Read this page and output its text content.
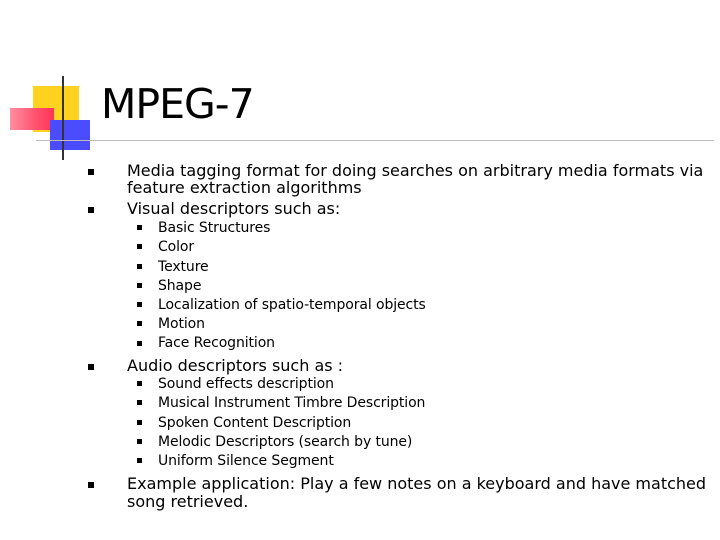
MPEG-7
Media tagging format for doing searches on arbitrary media formats via
feature extraction algorithms
Visual descriptors such as:
Basic Structures
Color
Texture
Shape
Localization of spatio-temporal objects
Motion
Face Recognition
Audio descriptors such as :
Sound effects description
Musical Instrument Timbre Description
Spoken Content Description
Melodic Descriptors (search by tune)
Uniform Silence Segment
Example application: Play a few notes on a keyboard and have matched
song retrieved.
